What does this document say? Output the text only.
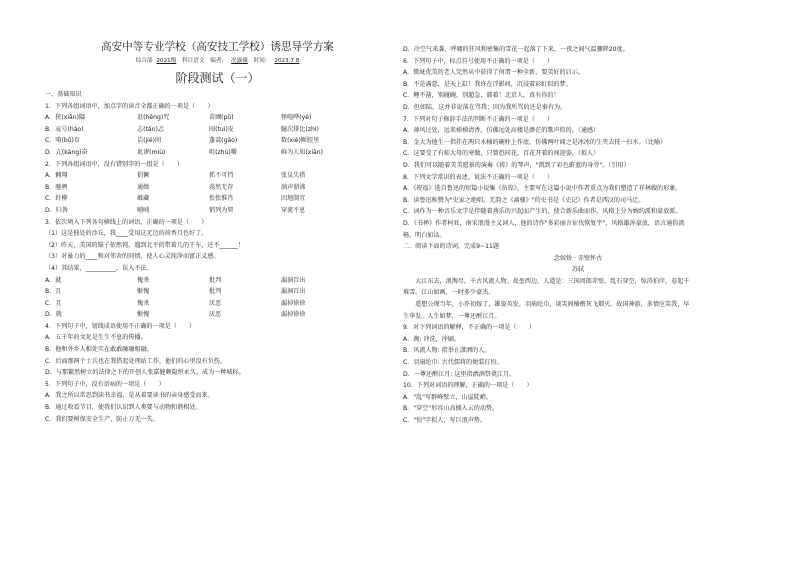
高安中等专业学校（高安技工学校）诱思导学方案
综合部 2021级 科目语文 编者： 况露薇 时间： 2023.7.8
阶段测试（一）
一、基础知识
1．下列各组词语中，加点字的读音全都正确的一项是（　　）
A．狭(xiǎn)隘	诅(hěng)咒	苗圃(pǔ)	怪喧哗(yè)
B．哀号(háo)	志(tǎn)忑	囤(tuì)皮	臆次排比(zhì)
C．啃(bǔ)育	诘(jié)问	蓬蒿(gāo)	数(xiè)断腔里
D．亢(kàng)奋	讹谬(miù)	咀(zhù)嚼	鲜为人知(xiān)
2．下列各组词语中，没有错别字的一组是（　　）
A．翱翔	猖獗	抓不可挡	张皇失措
B．驰骋	通缉	荡然无存	汹声鼎沸
C．纤柳	蕴藏	怅怅惟肖	因地制宜
D．归咎	哺哺	销列为契	穿流不息
3．依次填入下列各句横线上的词语，正确的一项是（　　）
（1）这是独处的沙丘，我____受用这无边的荷香月色好了。
（2）昨天，美国的锚子依然钝，遇到北平的带着几的王车，还不______！
（3）对暴力的____和对邻舍的同情，使人心灵纯净而富正义感。
（4）其结果，__________，误入不法。
A．就	愧杀	批判	漏洞百出
B．且	惭愧	批判	漏洞百出
C．且	愧杀	厌恶	漏掉徐徐
D．就	惭愧	厌恶	漏掉徐徐
4．下列句子中，划线成语使用不正确的一项是（　　）
A．五千年的文化是生生不息的传播。
B．他和外乡人相处实在敢敢融融相融。
C．后面那两个士兵也在我搭起处理站工作，他们的心里没有负伤。
D．与那繁然树立的法律之下的开创人张嘉健颇隐恒永久，成为一种城标。
5．下列句子中，没有语病的一项是（　　）
A．我之所以常思到读书幸福，是从着要读书的亲身感受而来。
B．通过收看节目，使我们认识到人类要与动物和谐相处。
C．我们要树保安全生产，防止万无一失。
D．冷空气来袭，呼啸的狂风和密集的雪花一起落了下来，一夜之间气温骤降20度。
6．下列句子中，标点符号使用不正确的一项是（　　）
A．微妩优美的老人完然从中获得了何谓一种全新，要美好的启示。
B．不是满意，是天上缸！我许在浮影间，沉浸着彩虹似的梦。
C．鲤不凿，别碰碗，别超急，韩着！北京人，真有你的！
D．但如陆，这并非说落在骂我：因为我所骂的还是秦有为。
7．下列对句子修辞手法的判断不正确的一项是（　　）
A．薄风过处，远来梯梯清香，仿佛远处高楼是渺茫的歌声似的。（通感）
B．金大为他生一指挂在两只水桶的碗柱上作底，仿佛两叶闻之是冰冰的生夹去抚一扫水。（比喻）
C．这要受了有蛙大母的寒做，只曾恐同花，百花开着的闯迎姿。（拟人）
D．我们可以随着美美愿景的演奏《祷》的琴声，"凯到了彩色蔚蓝的身旁"。（引用）
8．下列文学常识的表述，说法不正确的一项是（　　）
A．《祝福》选自鲁迅的短篇小说集《彷徨》，主要写在这篇小说中作者重点为我们塑造了祥林嫂的形象。
B．读鲁迅称赞为"史家之绝唱，无韵之《离骚》"的史书是《史记》作者是西汉的司马迁。
C．词作为一种音乐文学是伴随着燕乐的兴起而产生的，使合新乐曲而作，风格上分为婉约派和豪放派。
D．《书禅》作者柯亚，南宋浪漫主义词人，他的诗作"多彩丽言征伐恢复宇"，风格雄浑豪放，语言通俗流
畅，明白如话。
二．阅读下面的诗词，完成9~11题
念奴娇 · 赤壁怀古
苏轼
　　大江东去，浪淘尽，千古风流人物。故垒西边，人道是：三国周郎赤壁。乱石穿空，惊涛拍岸，卷起千
堆雪。江山如画，一时多少豪杰。
　　遥想公瑾当年，小乔初嫁了，雄姿英发。羽扇纶巾，谈笑间樯橹灰飞烟灭。故国神游，多情应笑我，早
生华发。人生如梦，一尊还酹江月。
9．对下列词语的解释，不正确的一项是（　　）
A．淘: 冲洗，冲刷。
B．风流人物: 指举止潇洒的人。
C．羽扇纶巾: 古代儒将的便装打扮。
D．一尊还酹江月: 这里指洒酒祭奠江月。
10．下列对词语的理解，正确的一项是（　　）
A．"乱"写群峰壁立，山崖陡峭。
B．"穿空"形容山高插入云的动势。
C．"惊"字拟人，写巨浪声势。
